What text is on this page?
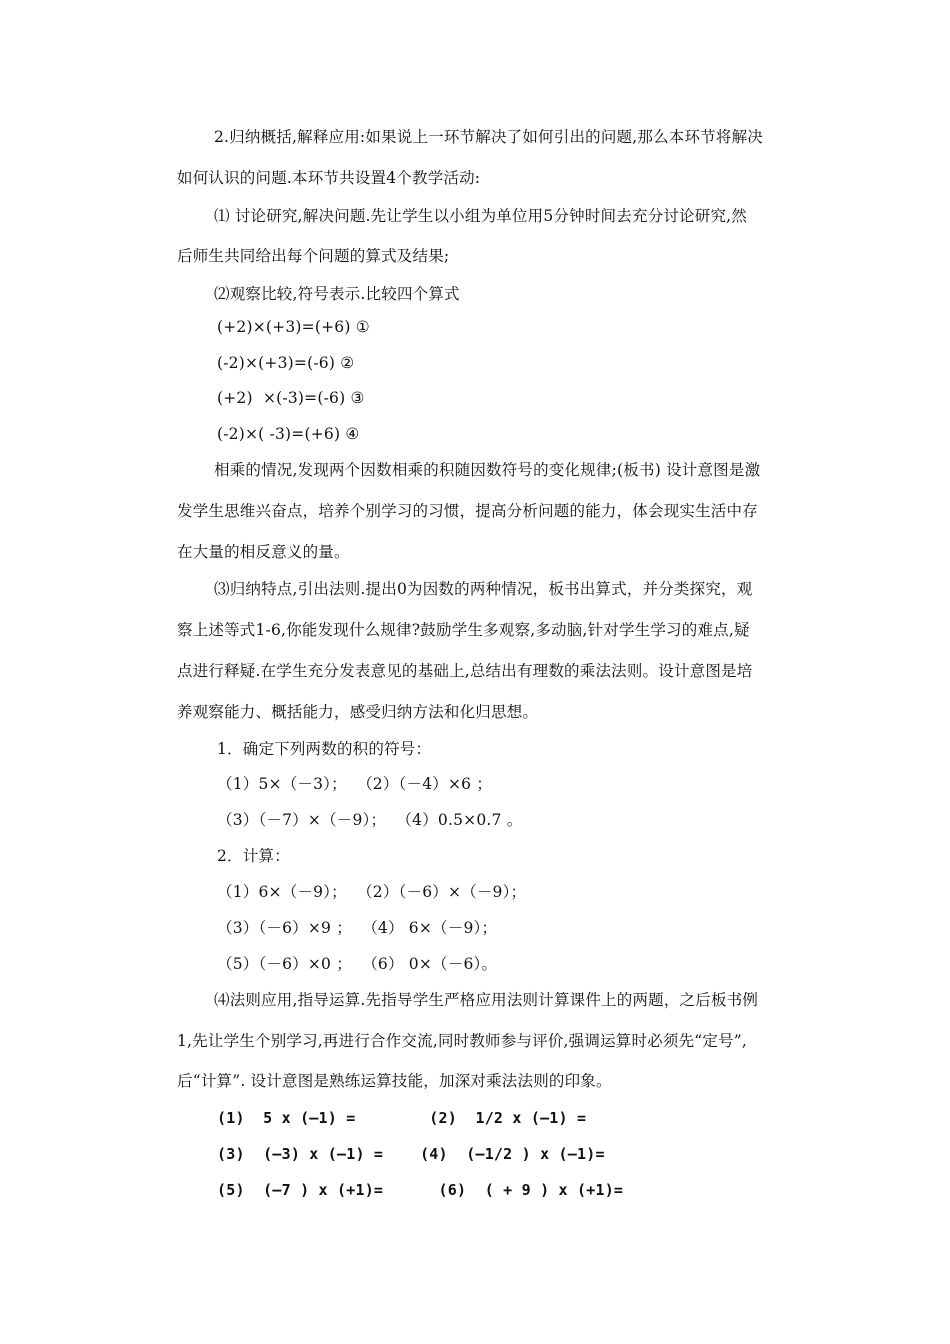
2.归纳概括,解释应用:如果说上一环节解决了如何引出的问题,那么本环节将解决
如何认识的问题.本环节共设置4个教学活动:
⑴ 讨论研究,解决问题.先让学生以小组为单位用5分钟时间去充分讨论研究,然
后师生共同给出每个问题的算式及结果;
⑵观察比较,符号表示.比较四个算式
(+2)×(+3)=(+6) ①
(-2)×(+3)=(-6) ②
(+2)  ×(-3)=(-6) ③
(-2)×( -3)=(+6) ④
相乘的情况,发现两个因数相乘的积随因数符号的变化规律;(板书) 设计意图是激
发学生思维兴奋点，培养个别学习的习惯，提高分析问题的能力，体会现实生活中存
在大量的相反意义的量。
⑶归纳特点,引出法则.提出0为因数的两种情况，板书出算式，并分类探究，观
察上述等式1-6,你能发现什么规律?鼓励学生多观察,多动脑,针对学生学习的难点,疑
点进行释疑.在学生充分发表意见的基础上,总结出有理数的乘法法则。设计意图是培
养观察能力、概括能力，感受归纳方法和化归思想。
1．确定下列两数的积的符号：
（1）5×（－3）；  （2）（－4）×6 ；
（3）（－7）×（－9）；  （4）0.5×0.7 。
2．计算：
（1）6×（－9）；  （2）（－6）×（－9）；
（3）（－6）×9 ；  （4） 6×（－9）；
（5）（－6）×0 ；  （6） 0×（－6）。
⑷法则应用,指导运算.先指导学生严格应用法则计算课件上的两题，之后板书例
1,先让学生个别学习,再进行合作交流,同时教师参与评价,强调运算时必须先“定号”,
后“计算”. 设计意图是熟练运算技能，加深对乘法法则的印象。
(1)  5 x (—1) =        (2)  1/2 x (—1) =
(3)  (—3) x (—1) =    (4)  (—1/2 ) x (—1)=
(5)  (—7 ) x (+1)=      (6)  ( + 9 ) x (+1)=
